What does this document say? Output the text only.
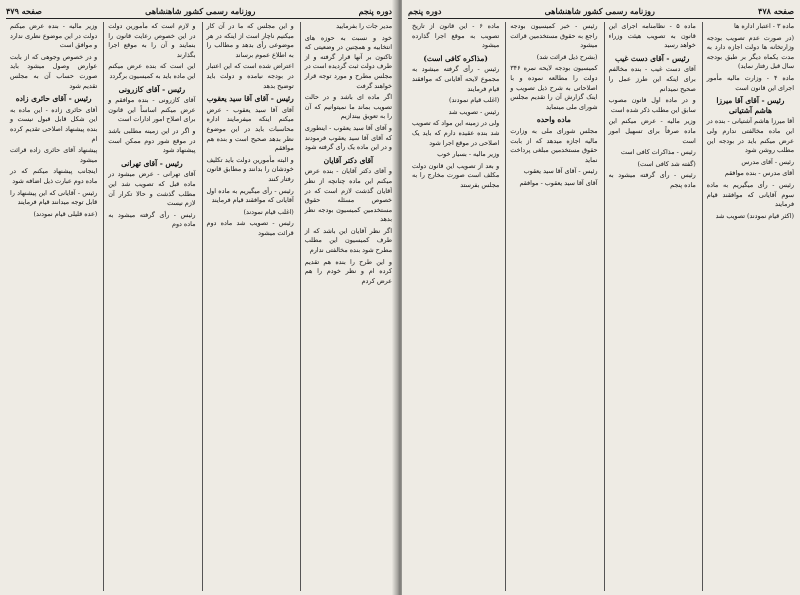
دوره پنجم
روزنامه رسمی کشور شاهنشاهی
صفحه ۴۷۹

مدیر جات را بفرمایید

خود و نسبت به حوزه های انتخابیه و همچنین در وضعیتی که تاکنون بر آنها قرار گرفته و از طرف دولت ثبت گردیده است در مجلس مطرح و مورد توجه قرار خواهند گرفت

اگر ماده ای باشد و در حالت تصویب بماند ما نمیتوانیم که آن را به تعویق بیندازیم

و آقای آقا سید یعقوب - اینطوری که آقای آقا سید یعقوب فرمودند و در این ماده یک رأی گرفته شود

آقای دکتر آقایان

و آقای دکتر آقایان - بنده عرض میکنم این ماده چنانچه از نظر آقایان گذشت لازم است که در خصوص مسئله حقوق مستخدمین کمیسیون بودجه نظر بدهد

اگر نظر آقایان این باشد که از طرف کمیسیون این مطلب مطرح شود بنده مخالفتی ندارم

و این طرح را بنده هم تقدیم کرده ام و نظر خودم را هم عرض کردم

و این مجلس که ما در آن کار میکنیم ناچار است از اینکه در هر موضوعی رأی بدهد و مطالب را به اطلاع عموم برساند

اعتراض شده است که این اعتبار در بودجه نیامده و دولت باید توضیح بدهد

رئیس - آقای آقا سید یعقوب

آقای آقا سید یعقوب - عرض میکنم اینکه میفرمایند اداره محاسبات باید در این موضوع نظر بدهد صحیح است و بنده هم موافقم

و البته مأمورین دولت باید تکلیف خودشان را بدانند و مطابق قانون رفتار کنند

رئیس - رأی میگیریم به ماده اول آقایانی که موافقند قیام فرمایند

(اغلب قیام نمودند)

رئیس - تصویب شد ماده دوم قرائت میشود

و لازم است که مأمورین دولت در این خصوص رعایت قانون را بنمایند و آن را به موقع اجرا بگذارند

این است که بنده عرض میکنم این ماده باید به کمیسیون برگردد

رئیس - آقای کازرونی

آقای کازرونی - بنده موافقم و عرض میکنم اساساً این قانون برای اصلاح امور ادارات است

و اگر در این زمینه مطلبی باشد در موقع شور دوم ممکن است پیشنهاد شود

رئیس - آقای تهرانی

آقای تهرانی - عرض میشود در ماده قبل که تصویب شد این مطلب گذشت و حالا تکرار آن لازم نیست

رئیس - رأی گرفته میشود به ماده دوم

وزیر مالیه - بنده عرض میکنم دولت در این موضوع نظری ندارد و موافق است

و در خصوص وجوهی که از بابت عوارض وصول میشود باید صورت حساب آن به مجلس تقدیم شود

رئیس - آقای حائری زاده

آقای حائری زاده - این ماده به این شکل قابل قبول نیست و بنده پیشنهاد اصلاحی تقدیم کرده ام

پیشنهاد آقای حائری زاده قرائت میشود

اینجانب پیشنهاد میکنم که در ماده دوم عبارت ذیل اضافه شود

رئیس - آقایانی که این پیشنهاد را قابل توجه میدانند قیام فرمایند

(عده قلیلی قیام نمودند)

صفحه ۴۷۸
روزنامه رسمی کشور شاهنشاهی
دوره پنجم

ماده ۳ - اعتبار اداره ها

(در صورت عدم تصویب بودجه وزارتخانه ها دولت اجازه دارد به مدت یکماه دیگر بر طبق بودجه سال قبل رفتار نماید)

ماده ۴ - وزارت مالیه مأمور اجرای این قانون است

رئیس - آقای آقا میرزا هاشم آشتیانی

آقا میرزا هاشم آشتیانی - بنده در این ماده مخالفتی ندارم ولی عرض میکنم باید در بودجه این مطلب روشن شود

رئیس - آقای مدرس

آقای مدرس - بنده موافقم

رئیس - رأی میگیریم به ماده سوم آقایانی که موافقند قیام فرمایند

(اکثر قیام نمودند) تصویب شد

ماده ۵ - نظامنامه اجرای این قانون به تصویب هیئت وزراء خواهد رسید

رئیس - آقای دست غیب

آقای دست غیب - بنده مخالفم برای اینکه این طرز عمل را صحیح نمیدانم

و در ماده اول قانون مصوب سابق این مطلب ذکر شده است

وزیر مالیه - عرض میکنم این ماده صرفاً برای تسهیل امور است

رئیس - مذاکرات کافی است

(گفته شد کافی است)

رئیس - رأی گرفته میشود به ماده پنجم

رئیس - خبر کمیسیون بودجه راجع به حقوق مستخدمین قرائت میشود

(بشرح ذیل قرائت شد)

کمیسیون بودجه لایحه نمره ۳۴۶ دولت را مطالعه نموده و با اصلاحاتی به شرح ذیل تصویب و اینک گزارش آن را تقدیم مجلس شورای ملی مینماید

ماده واحده

مجلس شورای ملی به وزارت مالیه اجازه میدهد که از بابت حقوق مستخدمین مبلغی پرداخت نماید

رئیس - آقای آقا سید یعقوب

آقای آقا سید یعقوب - موافقم

ماده ۶ - این قانون از تاریخ تصویب به موقع اجرا گذارده میشود

(مذاکره کافی است)

رئیس - رأی گرفته میشود به مجموع لایحه آقایانی که موافقند قیام فرمایند

(اغلب قیام نمودند)

رئیس - تصویب شد

ولی در زمینه این مواد که تصویب شد بنده عقیده دارم که باید یک اصلاحی در موقع اجرا شود

وزیر مالیه - بسیار خوب

و بعد از تصویب این قانون دولت مکلف است صورت مخارج را به مجلس بفرستد
